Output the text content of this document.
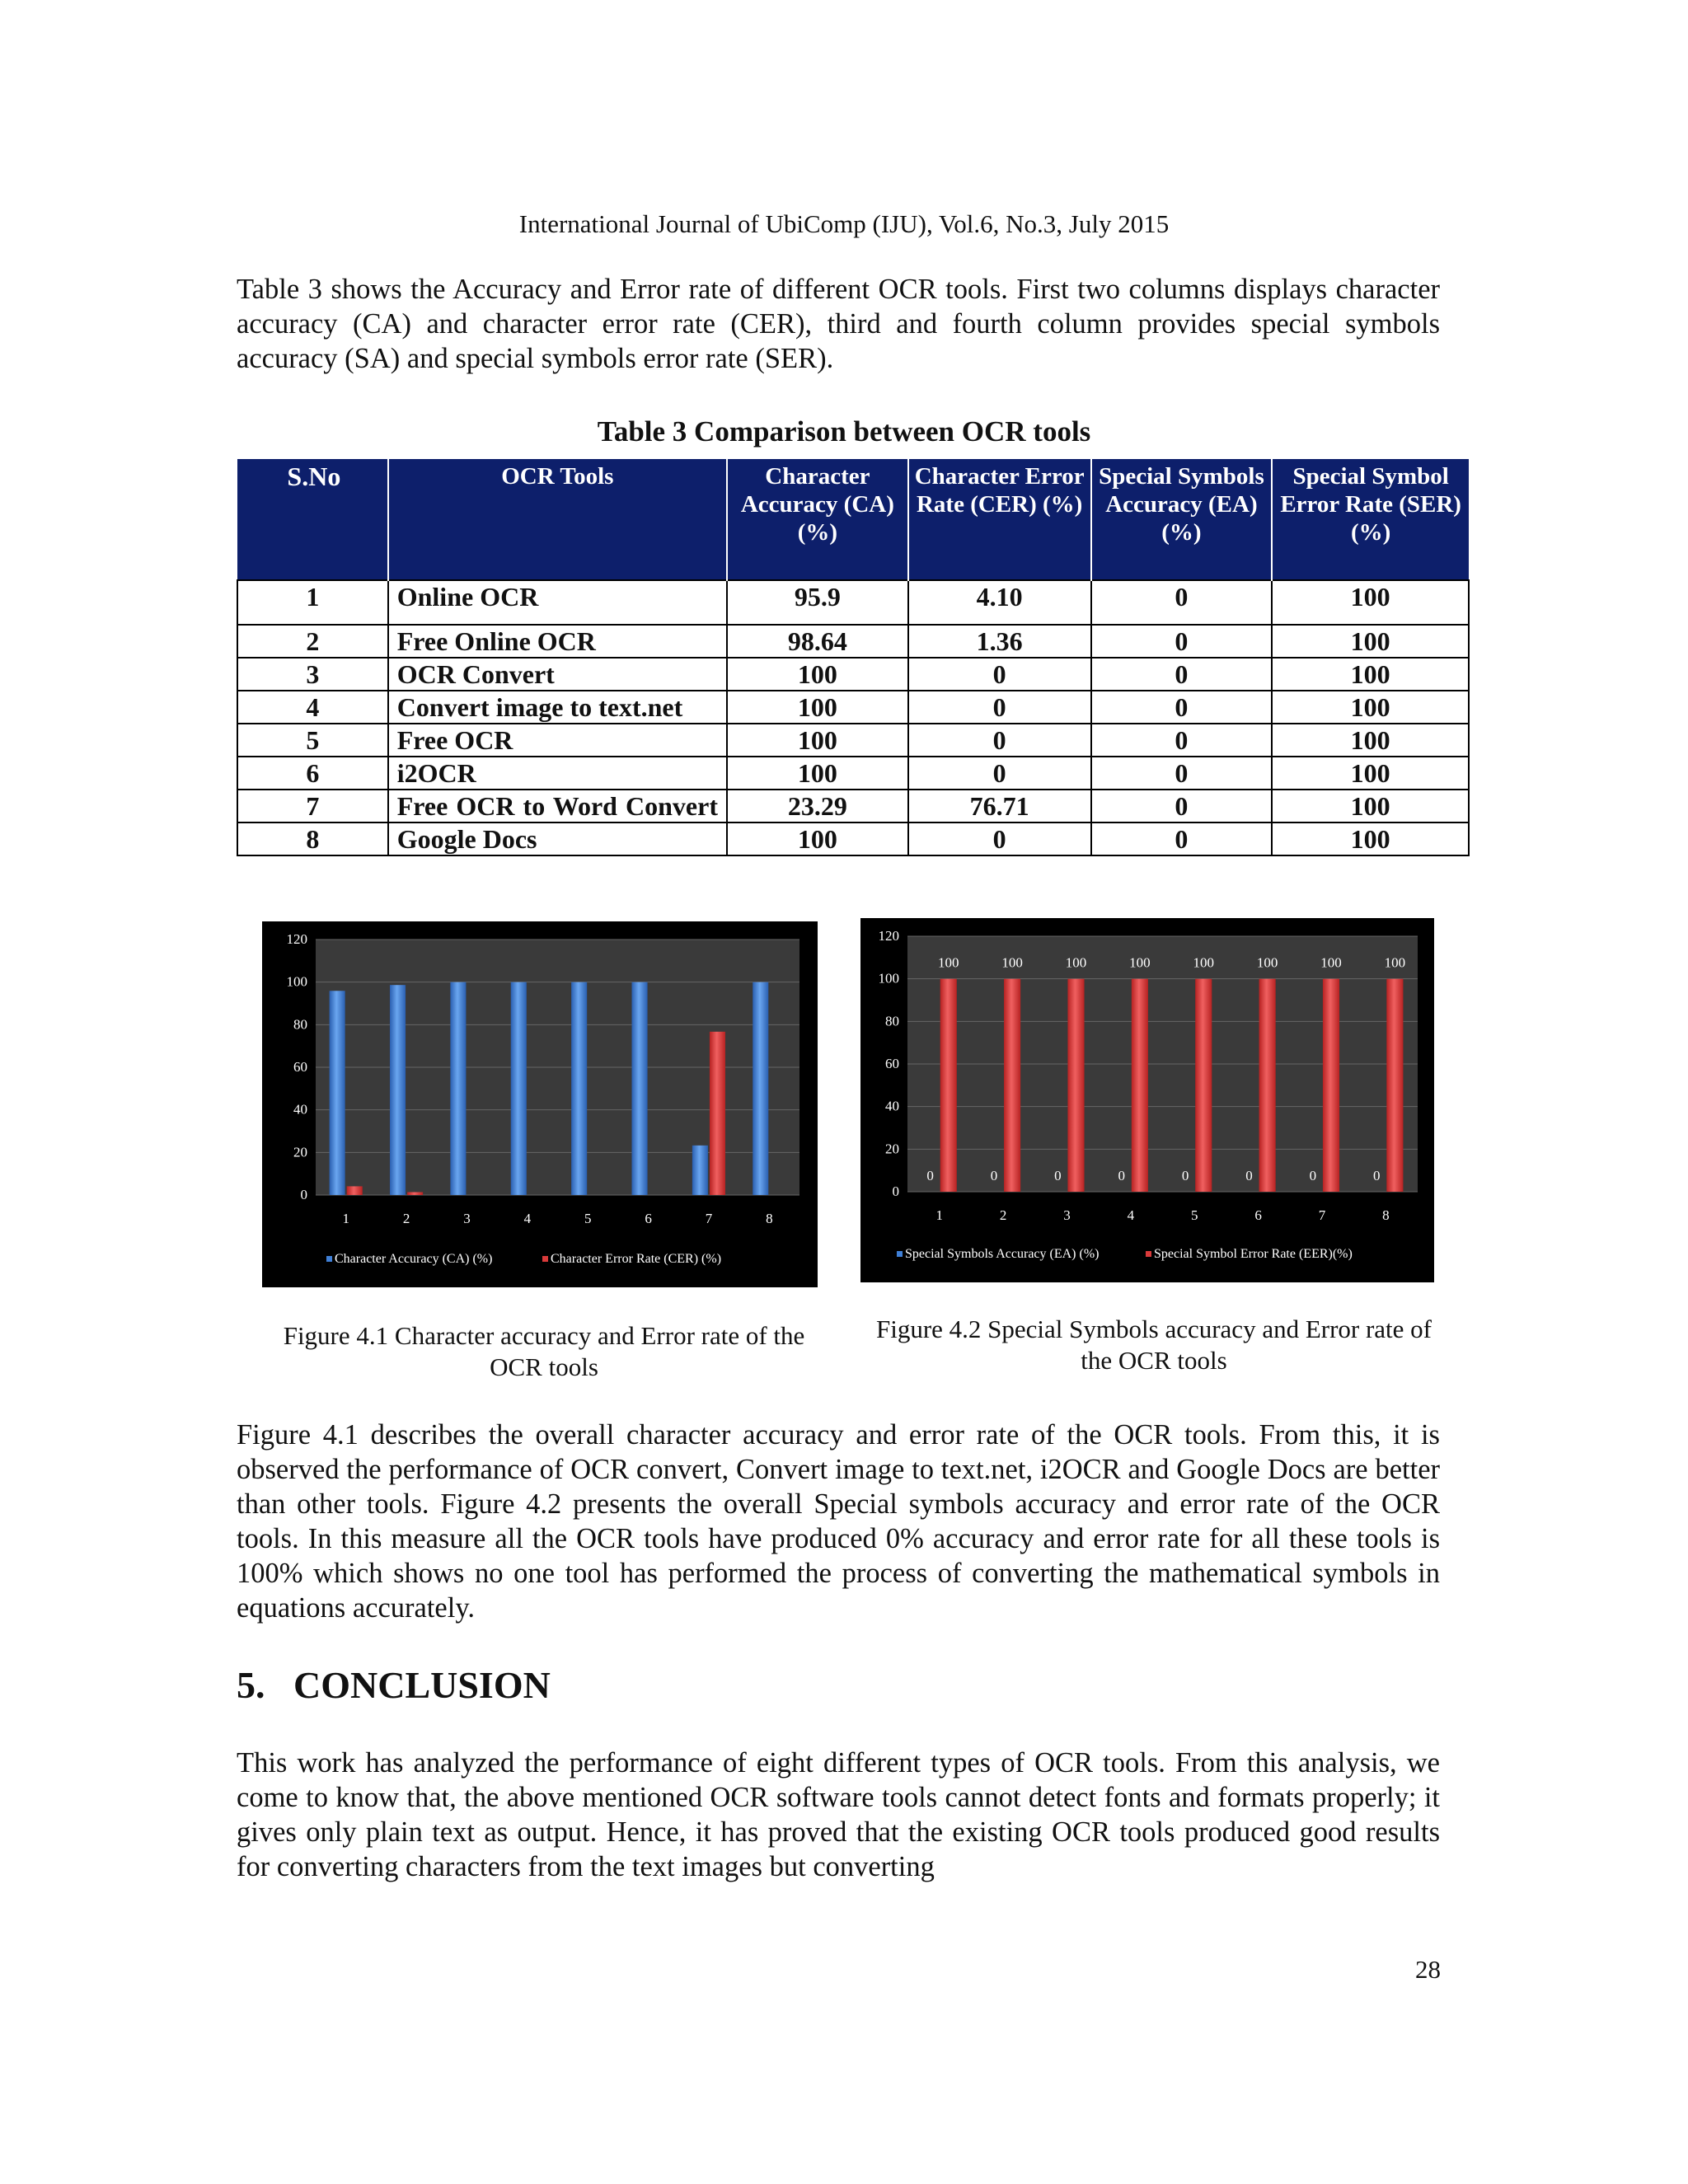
International Journal of UbiComp (IJU), Vol.6, No.3, July 2015
Table 3 shows the Accuracy and Error rate of different OCR tools. First two columns displays character accuracy (CA) and character error rate (CER), third and fourth column provides special symbols accuracy (SA) and special symbols error rate (SER).
Table 3 Comparison between OCR tools
S.No	OCR Tools	Character Accuracy (CA) (%)	Character Error Rate (CER) (%)	Special Symbols Accuracy (EA) (%)	Special Symbol Error Rate (SER)(%)
1	Online OCR	95.9	4.10	0	100
2	Free Online OCR	98.64	1.36	0	100
3	OCR Convert	100	0	0	100
4	Convert image to text.net	100	0	0	100
5	Free OCR	100	0	0	100
6	i2OCR	100	0	0	100
7	Free OCR to Word Convert	23.29	76.71	0	100
8	Google Docs	100	0	0	100
0
20
40
60
80
100
120
1	2	3	4	5	6	7	8
Character Accuracy (CA) (%)	Character Error Rate (CER) (%)
0
20
40
60
80
100
120
0
100
1
0
100
2
0
100
3
0
100
4
0
100
5
0
100
6
0
100
7
0
100
8
Special Symbols Accuracy (EA) (%)	Special Symbol Error Rate (EER)(%)
Figure 4.1 Character accuracy and Error rate of the OCR tools
Figure 4.2 Special Symbols accuracy and Error rate of the OCR tools
Figure 4.1 describes the overall character accuracy and error rate of the OCR tools. From this, it is observed the performance of OCR convert, Convert image to text.net, i2OCR and Google Docs are better than other tools. Figure 4.2 presents the overall Special symbols accuracy and error rate of the OCR tools. In this measure all the OCR tools have produced 0% accuracy and error rate for all these tools is 100% which shows no one tool has performed the process of converting the mathematical symbols in equations accurately.
5.   CONCLUSION
This work has analyzed the performance of eight different types of OCR tools. From this analysis, we come to know that, the above mentioned OCR software tools cannot detect fonts and formats properly; it gives only plain text as output. Hence, it has proved that the existing OCR tools produced good results for converting characters from the text images but converting
28
